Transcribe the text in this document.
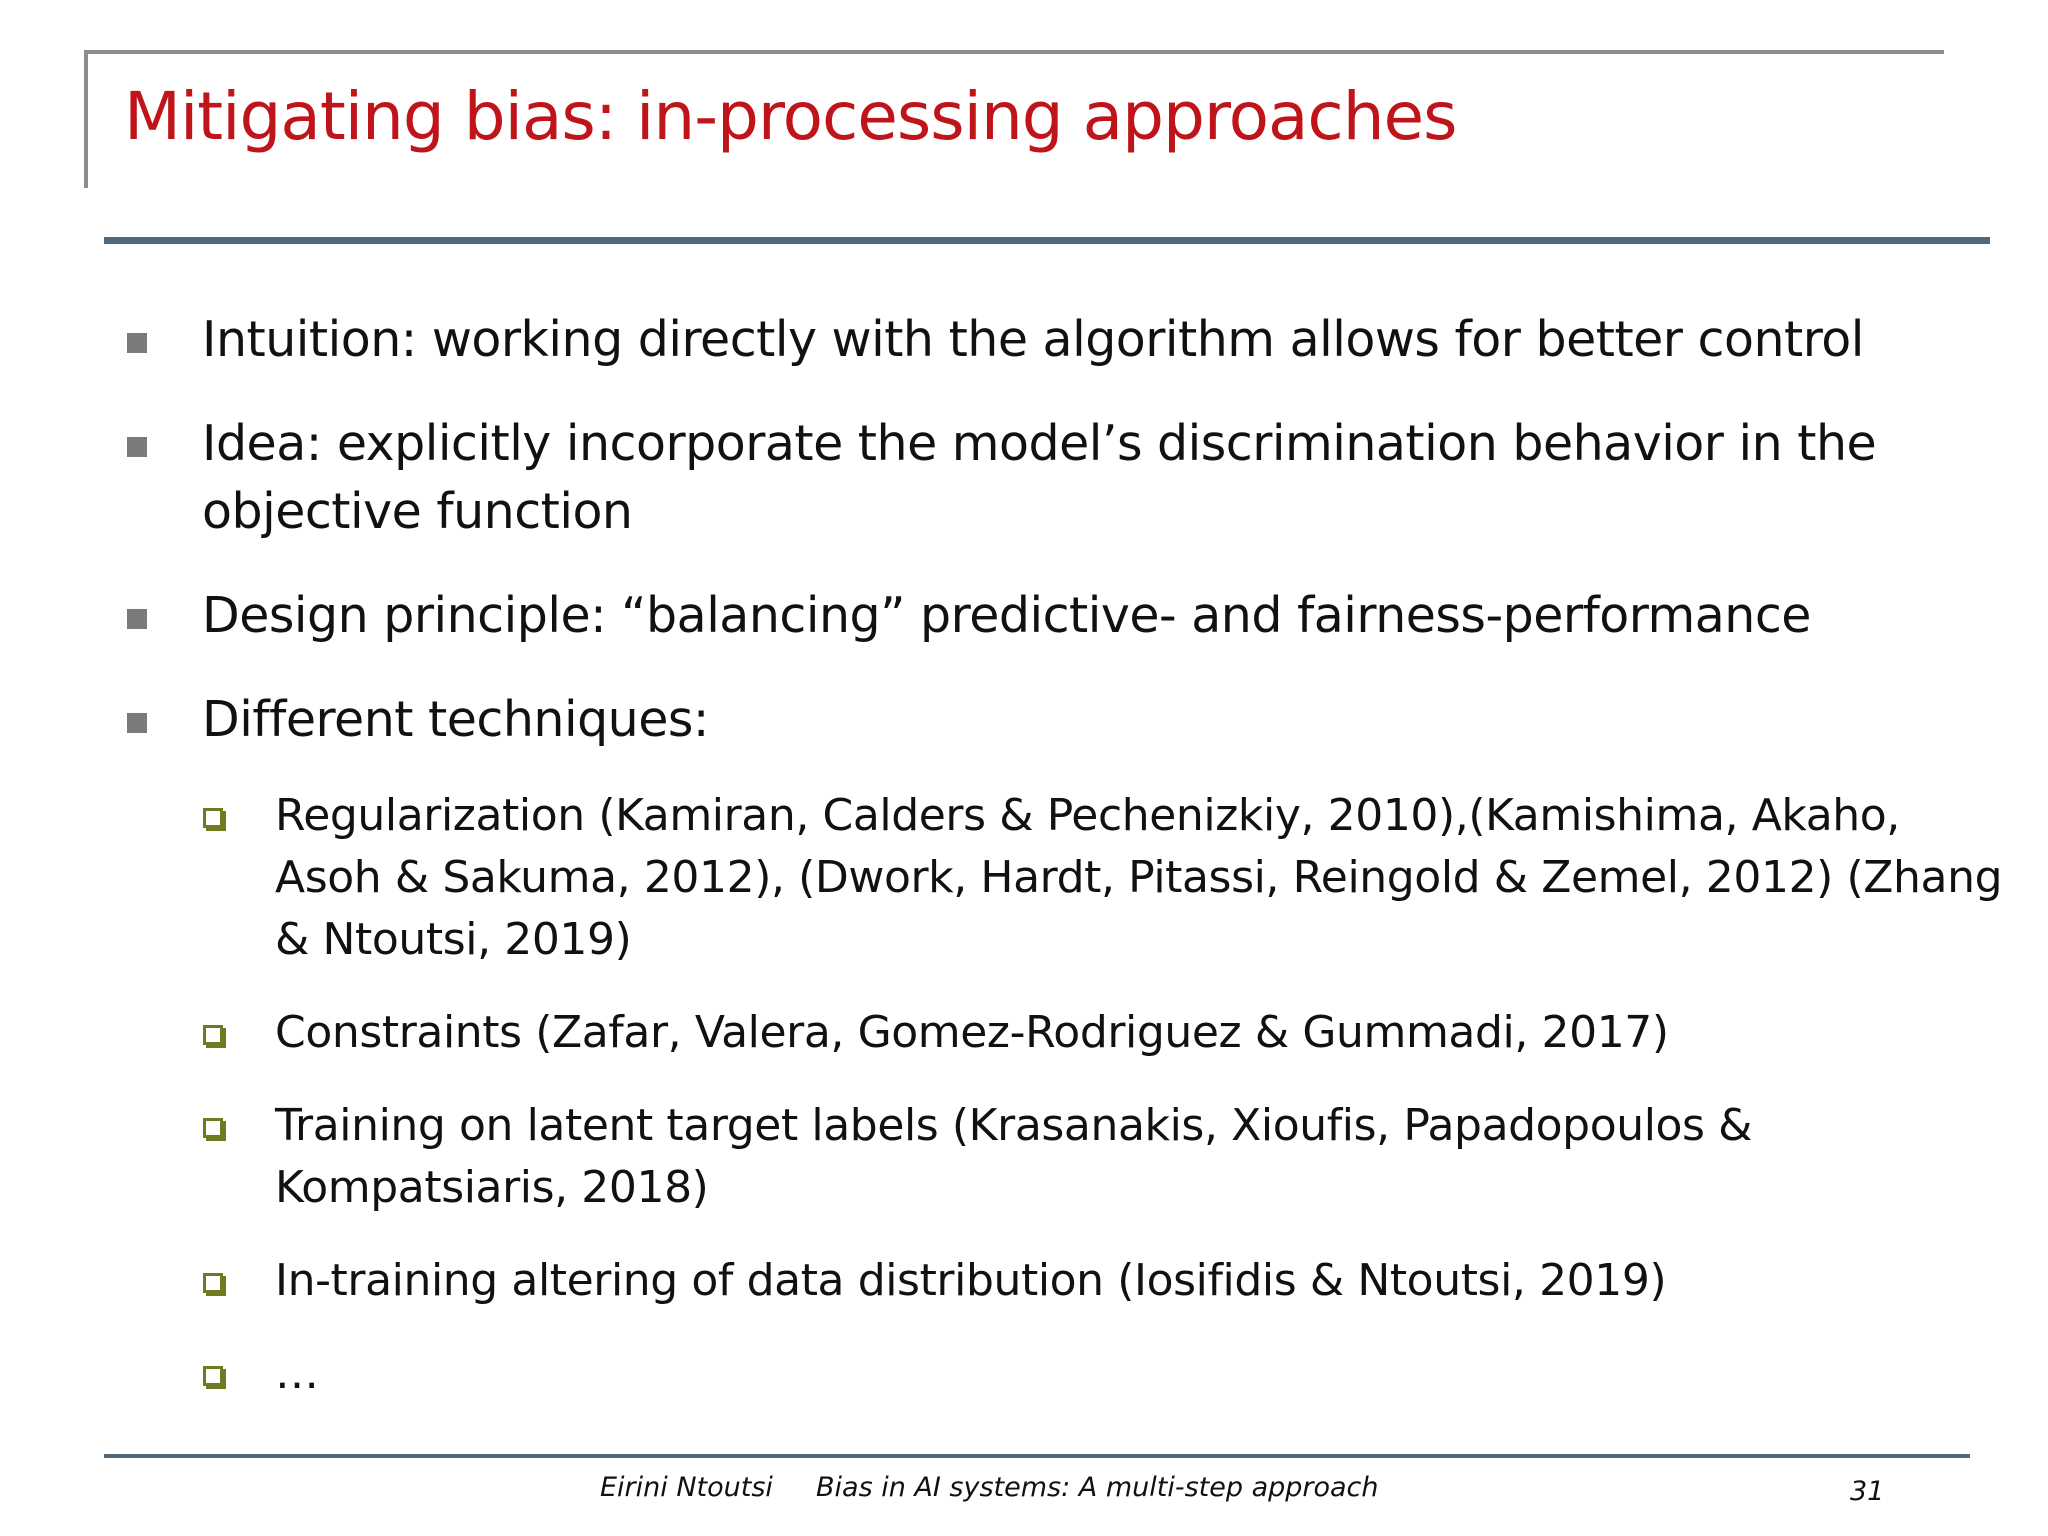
Mitigating bias: in-processing approaches
Intuition: working directly with the algorithm allows for better control
Idea: explicitly incorporate the model’s discrimination behavior in the
objective function
Design principle: “balancing” predictive- and fairness-performance
Different techniques:
Regularization (Kamiran, Calders & Pechenizkiy, 2010),(Kamishima, Akaho,
Asoh & Sakuma, 2012), (Dwork, Hardt, Pitassi, Reingold & Zemel, 2012) (Zhang
& Ntoutsi, 2019)
Constraints (Zafar, Valera, Gomez-Rodriguez & Gummadi, 2017)
Training on latent target labels (Krasanakis, Xioufis, Papadopoulos &
Kompatsiaris, 2018)
In-training altering of data distribution (Iosifidis & Ntoutsi, 2019)
…
Eirini Ntoutsi Bias in AI systems: A multi-step approach	31
